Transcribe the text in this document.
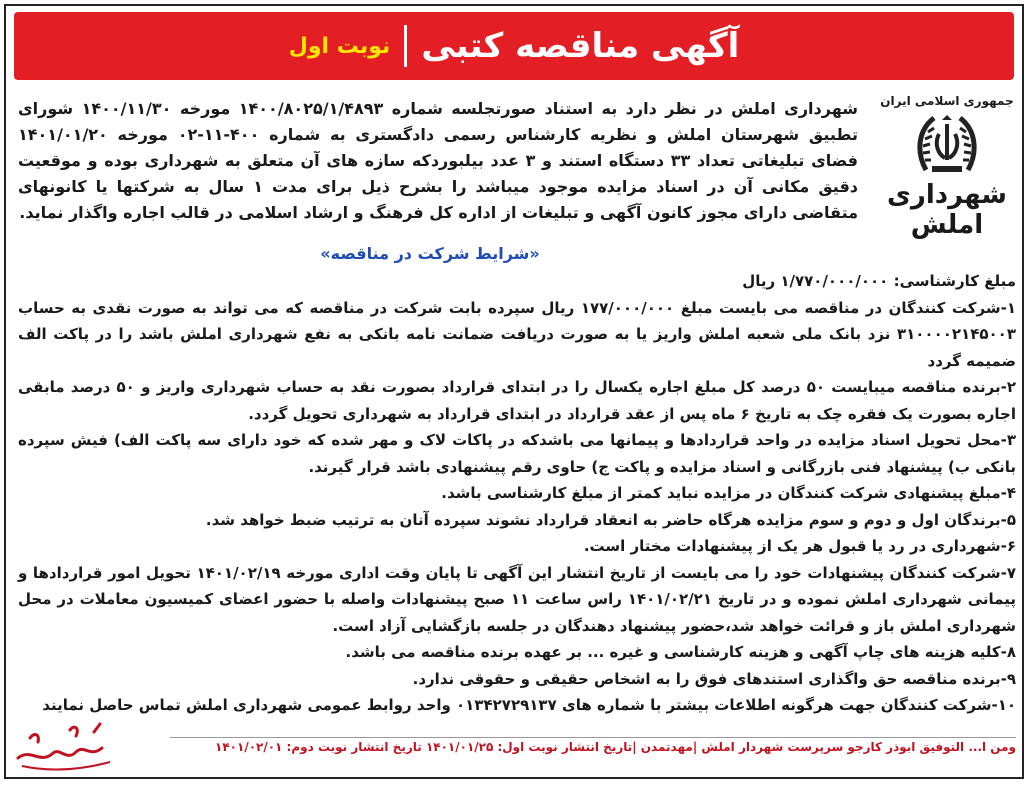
آگهی مناقصه کتبی
نوبت اول
جمهوری اسلامی ایران
شهرداری املش
شهرداری املش در نظر دارد به استناد صورتجلسه شماره ۱۴۰۰/۸۰۲۵/۱/۴۸۹۳ مورخه ۱۴۰۰/۱۱/۳۰ شورای تطبیق شهرستان املش و نظریه کارشناس رسمی دادگستری به شماره ۴۰۰-۱۱-۰۲ مورخه ۱۴۰۱/۰۱/۲۰ فضای تبلیغاتی تعداد ۳۳ دستگاه استند و ۳ عدد بیلبوردکه سازه های آن متعلق به شهرداری بوده و موقعیت دقیق مکانی آن در اسناد مزایده موجود میباشد را بشرح ذیل برای مدت ۱ سال به شرکتها یا کانونهای متقاضی دارای مجوز کانون آگهی و تبلیغات از اداره کل فرهنگ و ارشاد اسلامی در قالب اجاره واگذار نماید.
«شرایط شرکت در مناقصه»

مبلغ کارشناسی: ۱/۷۷۰/۰۰۰/۰۰۰ ریال

۱-شرکت کنندگان در مناقصه می بایست مبلغ ۱۷۷/۰۰۰/۰۰۰ ریال سپرده بابت شرکت در مناقصه که می تواند به صورت نقدی به حساب ۳۱۰۰۰۰۲۱۴۵۰۰۳ نزد بانک ملی شعبه املش واریز یا به صورت دریافت ضمانت نامه بانکی به نفع شهرداری املش باشد را در پاکت الف ضمیمه گردد

۲-برنده مناقصه میبایست ۵۰ درصد کل مبلغ اجاره یکسال را در ابتدای قرارداد بصورت نقد به حساب شهرداری واریز و ۵۰ درصد مابقی اجاره بصورت یک فقره چک به تاریخ ۶ ماه پس از عقد قرارداد در ابتدای قرارداد به شهرداری تحویل گردد.

۳-محل تحویل اسناد مزایده در واحد قراردادها و پیمانها می باشدکه در پاکات لاک و مهر شده که خود دارای سه پاکت الف) فیش سپرده بانکی ب) پیشنهاد فنی بازرگانی و اسناد مزایده و پاکت ج) حاوی رقم پیشنهادی باشد قرار گیرند.

۴-مبلغ پیشنهادی شرکت کنندگان در مزایده نباید کمتر از مبلغ کارشناسی باشد.

۵-برندگان اول و دوم و سوم مزایده هرگاه حاضر به انعقاد قرارداد نشوند سپرده آنان به ترتیب ضبط خواهد شد.

۶-شهرداری در رد یا قبول هر یک از پیشنهادات مختار است.

۷-شرکت کنندگان پیشنهادات خود را می بایست از تاریخ انتشار این آگهی تا پایان وقت اداری مورخه ۱۴۰۱/۰۲/۱۹ تحویل امور قراردادها و پیمانی شهرداری املش نموده و در تاریخ ۱۴۰۱/۰۲/۲۱ راس ساعت ۱۱ صبح پیشنهادات واصله با حضور اعضای کمیسیون معاملات در محل شهرداری املش باز و قرائت خواهد شد،حضور پیشنهاد دهندگان در جلسه بازگشایی آزاد است.

۸-کلیه هزینه های چاپ آگهی و هزینه کارشناسی و غیره ... بر عهده برنده مناقصه می باشد.

۹-برنده مناقصه حق واگذاری استندهای فوق را به اشخاص حقیقی و حقوقی ندارد.

۱۰-شرکت کنندگان جهت هرگونه اطلاعات بیشتر با شماره های ۰۱۳۴۲۷۲۹۱۳۷ واحد روابط عمومی شهرداری املش تماس حاصل نمایند

ومن ا... التوفیق ابوذر کارجو سرپرست شهردار املش |مهدتمدن |تاریخ انتشار نوبت اول: ۱۴۰۱/۰۱/۲۵ تاریخ انتشار نوبت دوم: ۱۴۰۱/۰۲/۰۱
